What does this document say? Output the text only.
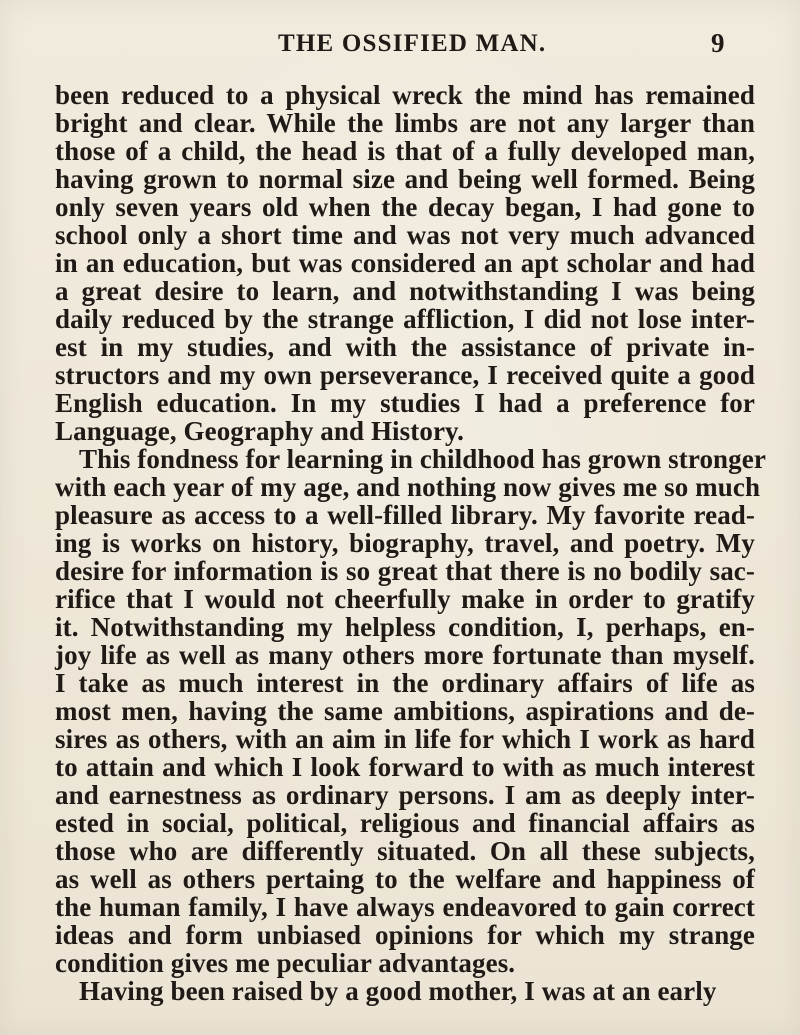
THE OSSIFIED MAN.	9
been reduced to a physical wreck the mind has remained
bright and clear. While the limbs are not any larger than
those of a child, the head is that of a fully developed man,
having grown to normal size and being well formed. Being
only seven years old when the decay began, I had gone to
school only a short time and was not very much advanced
in an education, but was considered an apt scholar and had
a great desire to learn, and notwithstanding I was being
daily reduced by the strange affliction, I did not lose inter-
est in my studies, and with the assistance of private in-
structors and my own perseverance, I received quite a good
English education. In my studies I had a preference for
Language, Geography and History.
This fondness for learning in childhood has grown stronger
with each year of my age, and nothing now gives me so much
pleasure as access to a well-filled library. My favorite read-
ing is works on history, biography, travel, and poetry. My
desire for information is so great that there is no bodily sac-
rifice that I would not cheerfully make in order to gratify
it. Notwithstanding my helpless condition, I, perhaps, en-
joy life as well as many others more fortunate than myself.
I take as much interest in the ordinary affairs of life as
most men, having the same ambitions, aspirations and de-
sires as others, with an aim in life for which I work as hard
to attain and which I look forward to with as much interest
and earnestness as ordinary persons. I am as deeply inter-
ested in social, political, religious and financial affairs as
those who are differently situated. On all these subjects,
as well as others pertaing to the welfare and happiness of
the human family, I have always endeavored to gain correct
ideas and form unbiased opinions for which my strange
condition gives me peculiar advantages.
Having been raised by a good mother, I was at an early
